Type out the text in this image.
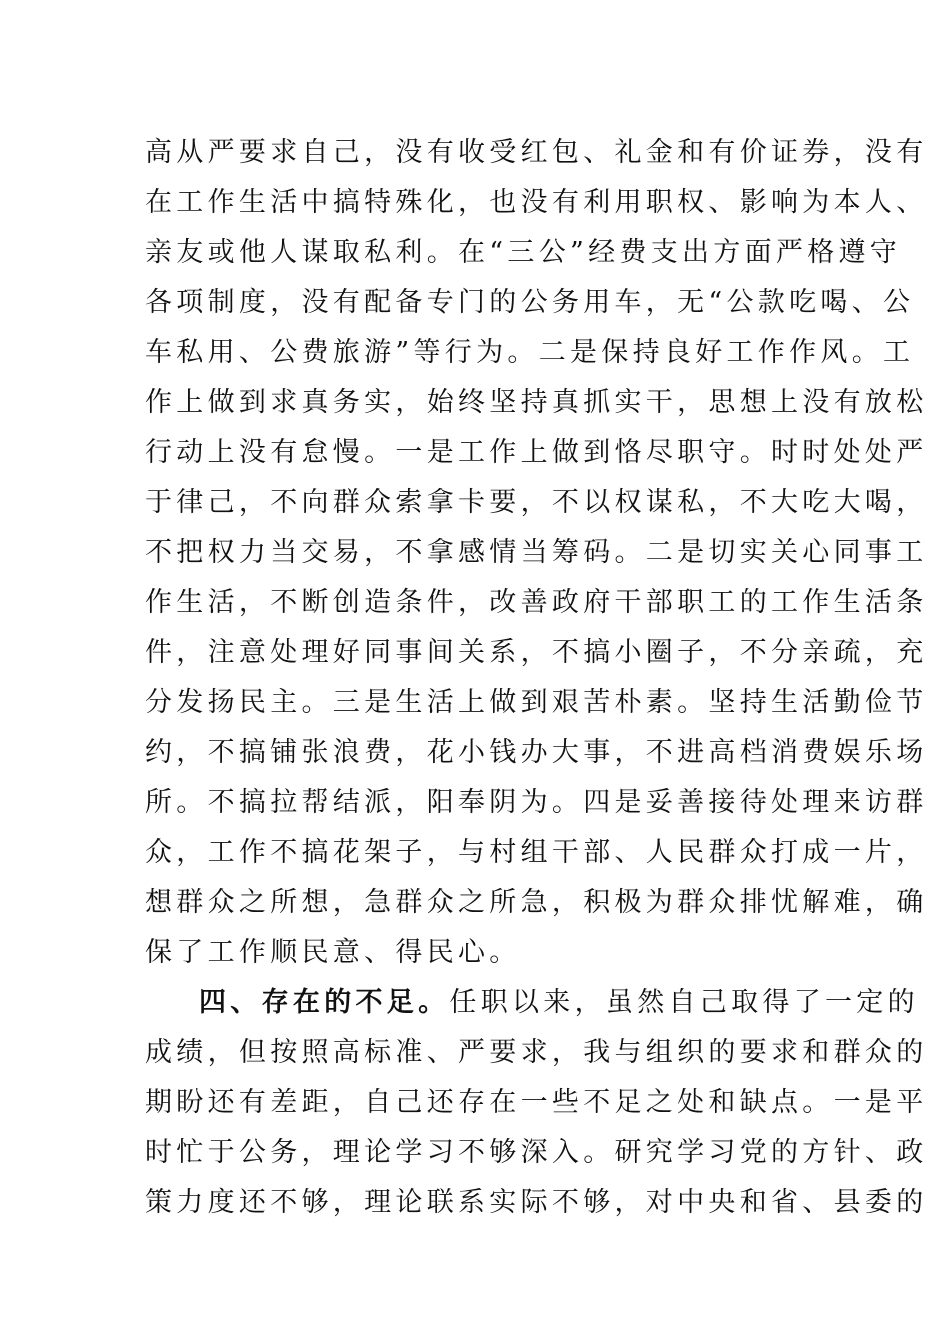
高从严要求自己，没有收受红包、礼金和有价证券，没有
在工作生活中搞特殊化，也没有利用职权、影响为本人、
亲友或他人谋取私利。在“三公”经费支出方面严格遵守
各项制度，没有配备专门的公务用车，无“公款吃喝、公
车私用、公费旅游”等行为。二是保持良好工作作风。工
作上做到求真务实，始终坚持真抓实干，思想上没有放松
行动上没有怠慢。一是工作上做到恪尽职守。时时处处严
于律己，不向群众索拿卡要，不以权谋私，不大吃大喝，
不把权力当交易，不拿感情当筹码。二是切实关心同事工
作生活，不断创造条件，改善政府干部职工的工作生活条
件，注意处理好同事间关系，不搞小圈子，不分亲疏，充
分发扬民主。三是生活上做到艰苦朴素。坚持生活勤俭节
约，不搞铺张浪费，花小钱办大事，不进高档消费娱乐场
所。不搞拉帮结派，阳奉阴为。四是妥善接待处理来访群
众，工作不搞花架子，与村组干部、人民群众打成一片，
想群众之所想，急群众之所急，积极为群众排忧解难，确
保了工作顺民意、得民心。
四、存在的不足。任职以来，虽然自己取得了一定的
成绩，但按照高标准、严要求，我与组织的要求和群众的
期盼还有差距，自己还存在一些不足之处和缺点。一是平
时忙于公务，理论学习不够深入。研究学习党的方针、政
策力度还不够，理论联系实际不够，对中央和省、县委的
